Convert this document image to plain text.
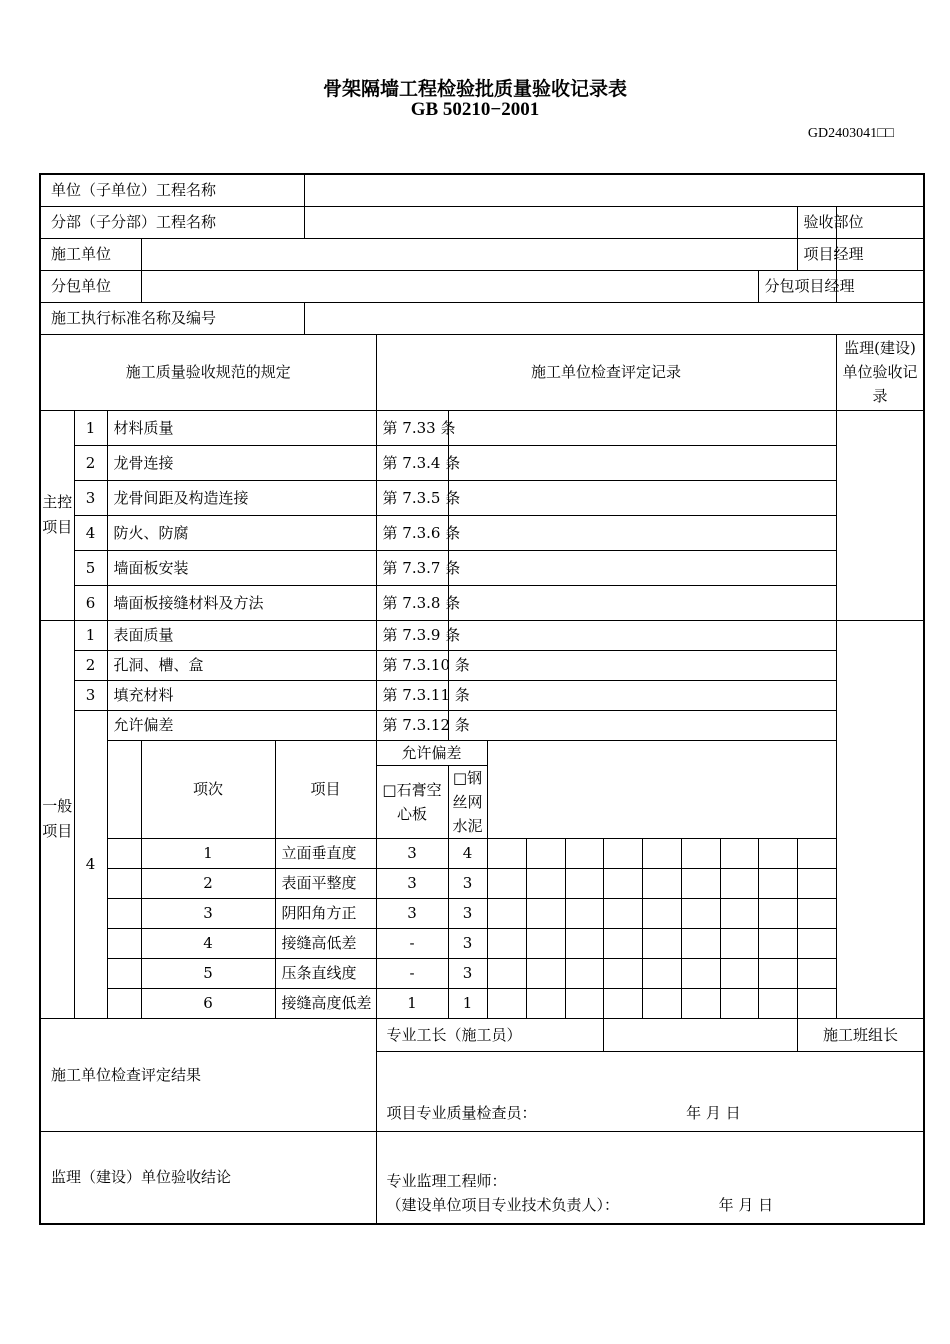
骨架隔墙工程检验批质量验收记录表
GB 50210−2001
GD2403041□□
单位（子单位）工程名称																		
分部（子分部）工程名称																验收部位		
施工单位																项目经理		
分包单位															分包项目经理			
施工执行标准名称及编号																		
施工质量验收规范的规定						施工单位检查评定记录											监理(建设)单位验收记录	
主控项目	1	材料质量				第 7.33 条												
	2	龙骨连接				第 7.3.4 条												
	3	龙骨间距及构造连接				第 7.3.5 条												
	4	防火、防腐				第 7.3.6 条												
	5	墙面板安装				第 7.3.7 条												
	6	墙面板接缝材料及方法				第 7.3.8 条												
一般项目	1	表面质量				第 7.3.9 条												
	2	孔洞、槽、盒				第 7.3.10 条												
	3	填充材料				第 7.3.11 条												
	4	允许偏差				第 7.3.12 条												
			项次	项目		允许偏差												
						□石膏空心板	□钢丝网水泥											

			1	立面垂直度		3	4											
			2	表面平整度		3	3											
			3	阴阳角方正		3	3											
			4	接缝高低差		-	3											
			5	压条直线度		-	3											
			6	接缝高度低差		1	1											
施工单位检查评定结果						专业工长（施工员）										施工班组长		

						项目专业质量检查员： 年 月 日												
监理（建设）单位验收结论						专业监理工程师：
（建设单位项目专业技术负责人）： 年 月 日												
